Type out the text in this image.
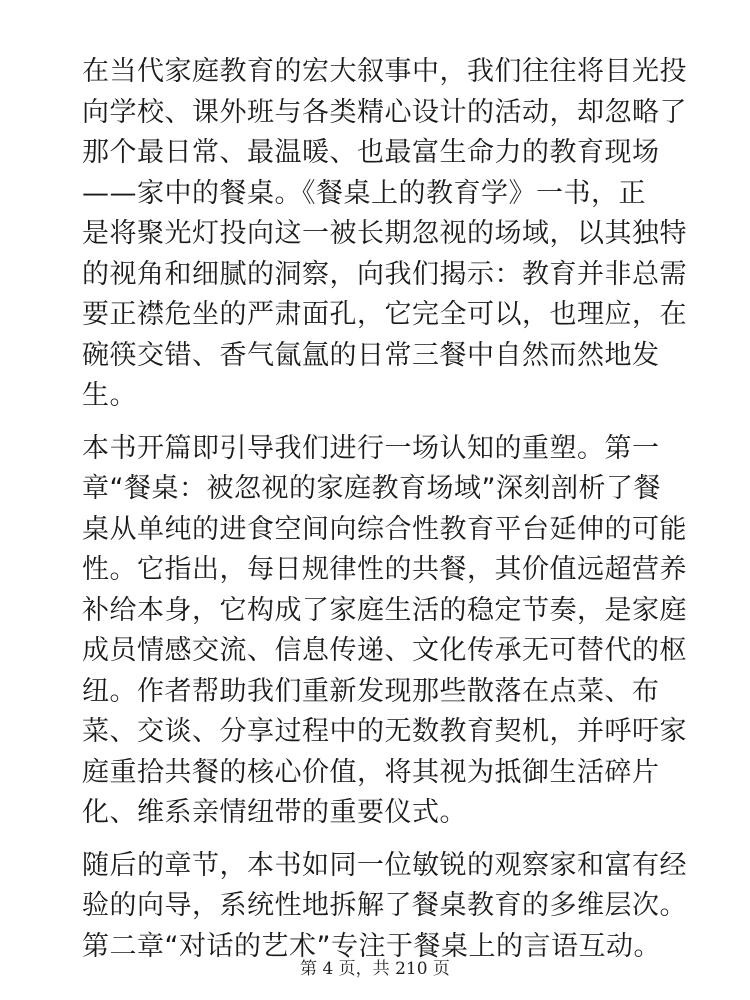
在当代家庭教育的宏大叙事中，我们往往将目光投
向学校、课外班与各类精心设计的活动，却忽略了
那个最日常、最温暖、也最富生命力的教育现场
——家中的餐桌。《餐桌上的教育学》一书，正
是将聚光灯投向这一被长期忽视的场域，以其独特
的视角和细腻的洞察，向我们揭示：教育并非总需
要正襟危坐的严肃面孔，它完全可以，也理应，在
碗筷交错、香气氤氲的日常三餐中自然而然地发
生。
本书开篇即引导我们进行一场认知的重塑。第一
章“餐桌：被忽视的家庭教育场域”深刻剖析了餐
桌从单纯的进食空间向综合性教育平台延伸的可能
性。它指出，每日规律性的共餐，其价值远超营养
补给本身，它构成了家庭生活的稳定节奏，是家庭
成员情感交流、信息传递、文化传承无可替代的枢
纽。作者帮助我们重新发现那些散落在点菜、布
菜、交谈、分享过程中的无数教育契机，并呼吁家
庭重拾共餐的核心价值，将其视为抵御生活碎片
化、维系亲情纽带的重要仪式。
随后的章节，本书如同一位敏锐的观察家和富有经
验的向导，系统性地拆解了餐桌教育的多维层次。
第二章“对话的艺术”专注于餐桌上的言语互动。
第 4 页，共 210 页
